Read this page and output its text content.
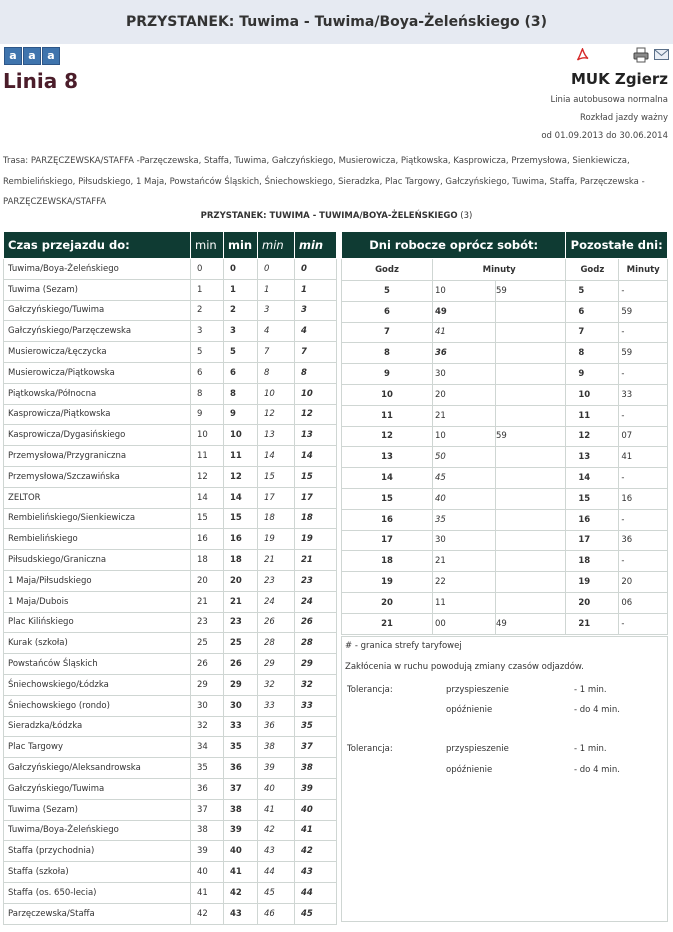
PRZYSTANEK: Tuwima - Tuwima/Boya-Żeleńskiego (3)
a	a	a
Linia 8	MUK Zgierz
Linia autobusowa normalna
Rozkład jazdy ważny
od 01.09.2013 do 30.06.2014
Trasa: PARZĘCZEWSKA/STAFFA -Parzęczewska, Staffa, Tuwima, Gałczyńskiego, Musierowicza, Piątkowska, Kasprowicza, Przemysłowa, Sienkiewicza, Rembielińskiego, Piłsudskiego, 1 Maja, Powstańców Śląskich, Śniechowskiego, Sieradzka, Plac Targowy, Gałczyńskiego, Tuwima, Staffa, Parzęczewska - PARZĘCZEWSKA/STAFFA
PRZYSTANEK: TUWIMA - TUWIMA/BOYA-ŻELEŃSKIEGO (3)
Czas przejazdu do:	min	min	min	min
Tuwima/Boya-Żeleńskiego	0	0	0	0
Tuwima (Sezam)	1	1	1	1
Gałczyńskiego/Tuwima	2	2	3	3
Gałczyńskiego/Parzęczewska	3	3	4	4
Musierowicza/Łęczycka	5	5	7	7
Musierowicza/Piątkowska	6	6	8	8
Piątkowska/Północna	8	8	10	10
Kasprowicza/Piątkowska	9	9	12	12
Kasprowicza/Dygasińskiego	10	10	13	13
Przemysłowa/Przygraniczna	11	11	14	14
Przemysłowa/Szczawińska	12	12	15	15
ZELTOR	14	14	17	17
Rembielińskiego/Sienkiewicza	15	15	18	18
Rembielińskiego	16	16	19	19
Piłsudskiego/Graniczna	18	18	21	21
1 Maja/Piłsudskiego	20	20	23	23
1 Maja/Dubois	21	21	24	24
Plac Kilińskiego	23	23	26	26
Kurak (szkoła)	25	25	28	28
Powstańców Śląskich	26	26	29	29
Śniechowskiego/Łódzka	29	29	32	32
Śniechowskiego (rondo)	30	30	33	33
Sieradzka/Łódzka	32	33	36	35
Plac Targowy	34	35	38	37
Gałczyńskiego/Aleksandrowska	35	36	39	38
Gałczyńskiego/Tuwima	36	37	40	39
Tuwima (Sezam)	37	38	41	40
Tuwima/Boya-Żeleńskiego	38	39	42	41
Staffa (przychodnia)	39	40	43	42
Staffa (szkoła)	40	41	44	43
Staffa (os. 650-lecia)	41	42	45	44
Parzęczewska/Staffa	42	43	46	45
Dni robocze oprócz sobót:			Pozostałe dni:	
Godz	Minuty		Godz	Minuty
5	10	59	5	-
6	49		6	59
7	41		7	-
8	36		8	59
9	30		9	-
10	20		10	33
11	21		11	-
12	10	59	12	07
13	50		13	41
14	45		14	-
15	40		15	16
16	35		16	-
17	30		17	36
18	21		18	-
19	22		19	20
20	11		20	06
21	00	49	21	-
# - granica strefy taryfowej
Zakłócenia w ruchu powodują zmiany czasów odjazdów.
Tolerancja:	przyspieszenie	- 1 min.
opóźnienie	- do 4 min.
Tolerancja:	przyspieszenie	- 1 min.
opóźnienie	- do 4 min.
